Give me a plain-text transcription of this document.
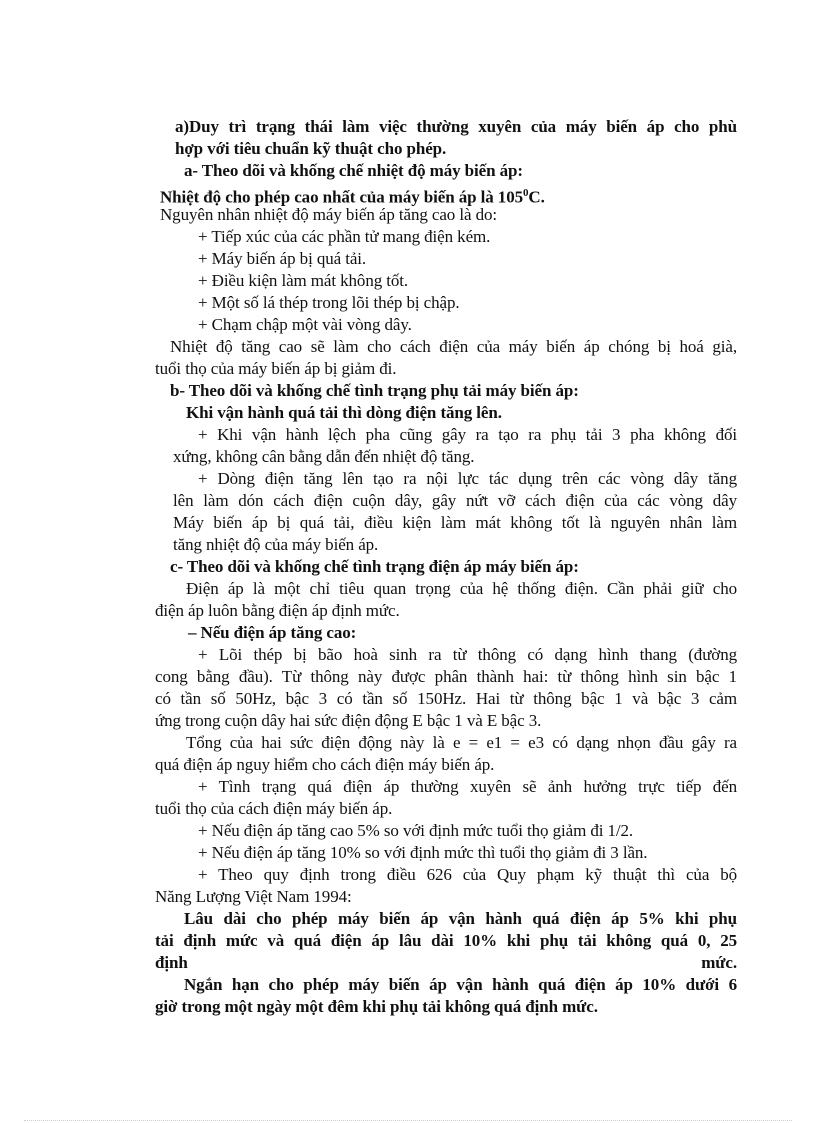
a)Duy trì trạng thái làm việc thường xuyên của máy biến áp cho phù
hợp với tiêu chuẩn kỹ thuật cho phép.
a- Theo dõi và khống chế nhiệt độ máy biến áp:
Nhiệt độ cho phép cao nhất của máy biến áp là $105^0C$.
Nguyên nhân nhiệt độ máy biến áp tăng cao là do:
+ Tiếp xúc của các phần tử mang điện kém.
+ Máy biến áp bị quá tải.
+ Điều kiện làm mát không tốt.
+ Một số lá thép trong lõi thép bị chập.
+ Chạm chập một vài vòng dây.
Nhiệt độ tăng cao sẽ làm cho cách điện của máy biến áp chóng bị hoá già,
tuổi thọ của máy biến áp bị giảm đi.
b- Theo dõi và khống chế tình trạng phụ tải máy biến áp:
Khi vận hành quá tải thì dòng điện tăng lên.
+ Khi vận hành lệch pha cũng gây ra tạo ra phụ tải 3 pha không đối
xứng, không cân bằng dẫn đến nhiệt độ tăng.
+ Dòng điện tăng lên tạo ra nội lực tác dụng trên các vòng dây tăng
lên làm dón cách điện cuộn dây, gây nứt vỡ cách điện của các vòng dây
Máy biến áp bị quá tải, điều kiện làm mát không tốt là nguyên nhân làm
tăng nhiệt độ của máy biến áp.
c- Theo dõi và khống chế tình trạng điện áp máy biến áp:
Điện áp là một chỉ tiêu quan trọng của hệ thống điện. Cần phải giữ cho
điện áp luôn bằng điện áp định mức.
– Nếu điện áp tăng cao:
+ Lõi thép bị bão hoà sinh ra từ thông có dạng hình thang (đường
cong bằng đầu). Từ thông này được phân thành hai: từ thông hình sin bậc 1
có tần số 50Hz, bậc 3 có tần số 150Hz. Hai từ thông bậc 1 và bậc 3 cảm
ứng trong cuộn dây hai sức điện động E bậc 1 và E bậc 3.
Tổng của hai sức điện động này là e = e1 = e3 có dạng nhọn đầu gây ra
quá điện áp nguy hiểm cho cách điện máy biến áp.
+ Tình trạng quá điện áp thường xuyên sẽ ảnh hưởng trực tiếp đến
tuổi thọ của cách điện máy biến áp.
+ Nếu điện áp tăng cao 5% so với định mức tuổi thọ giảm đi 1/2.
+ Nếu điện áp tăng 10% so với định mức thì tuổi thọ giảm đi 3 lần.
+ Theo quy định trong điều 626 của Quy phạm kỹ thuật thì của bộ
Năng Lượng Việt Nam 1994:
Lâu dài cho phép máy biến áp vận hành quá điện áp 5% khi phụ
tải định mức và quá điện áp lâu dài 10% khi phụ tải không quá 0, 25
định mức.
Ngắn hạn cho phép máy biến áp vận hành quá điện áp 10% dưới 6
giờ trong một ngày một đêm khi phụ tải không quá định mức.
